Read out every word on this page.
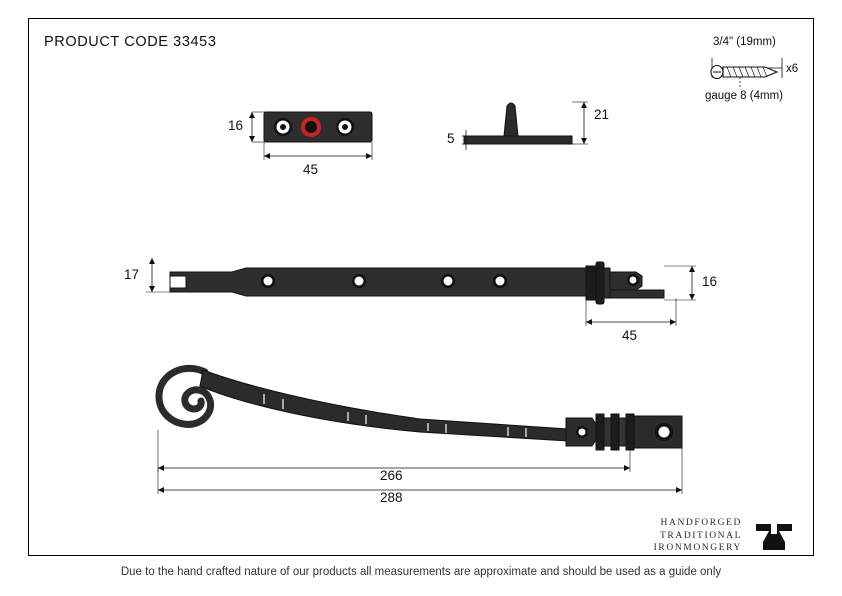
PRODUCT CODE 33453	3/4" (19mm)
x6
gauge 8 (4mm)
16
45
21
5
17	16
45
266
288
HANDFORGED
TRADITIONAL
IRONMONGERY
Due to the hand crafted nature of our products all measurements are approximate and should be used as a guide only
